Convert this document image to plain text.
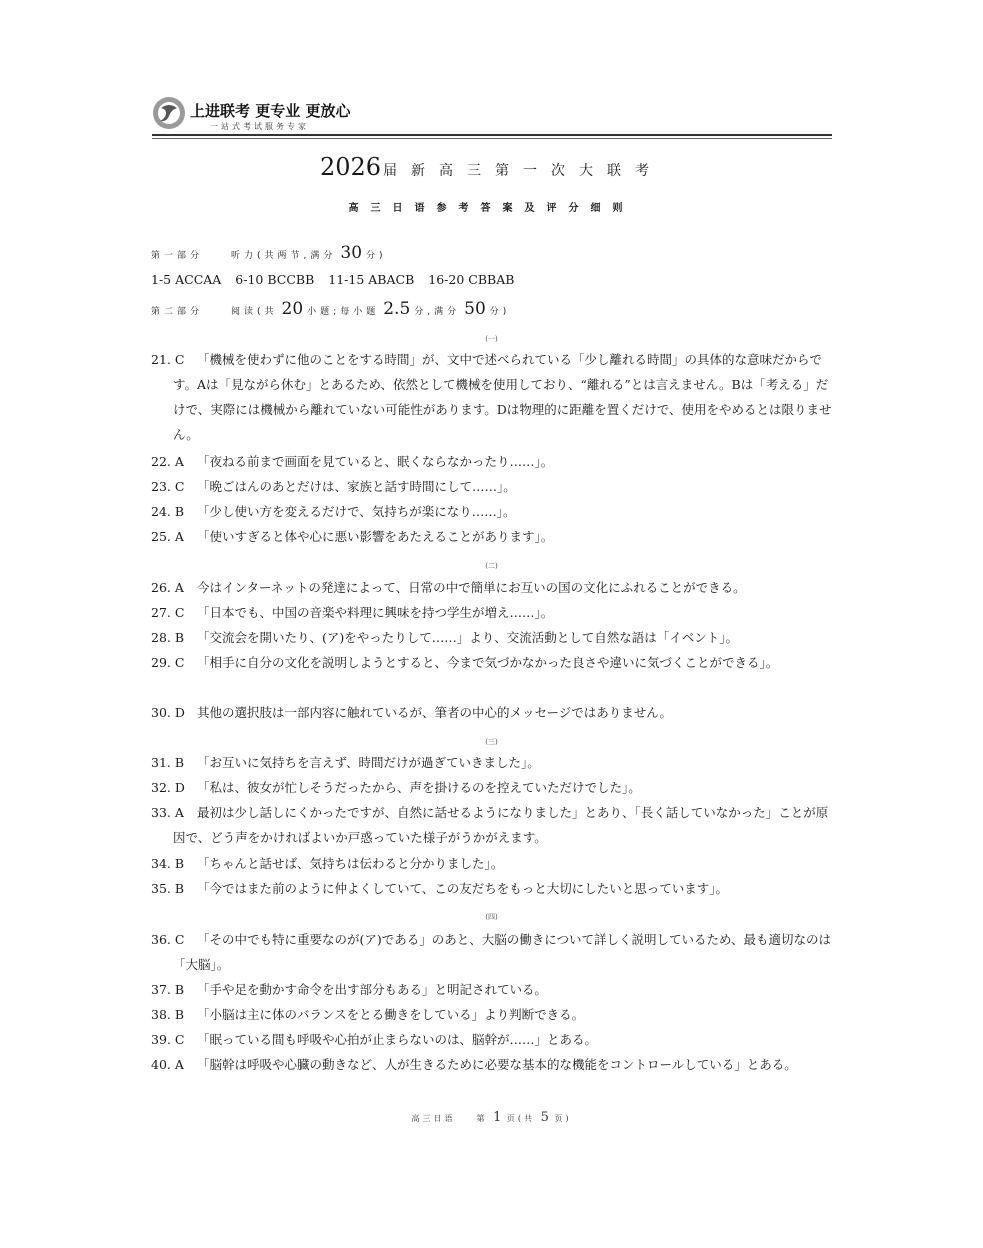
上进联考 更专业 更放心
一站式考试服务专家
2026 届新高三第一次大联考
高三日语参考答案及评分细则
第一部分	听力(共两节,满分 30 分)
1-5 ACCAA 6-10 BCCBB 11-15 ABACB 16-20 CBBAB
第二部分	阅读(共 20 小题;每小题 2.5 分,满分 50 分)
(一)
21. C	「機械を使わずに他のことをする時間」が、文中で述べられている「少し離れる時間」の具体的な意味だからです。Aは「見ながら休む」とあるため、依然として機械を使用しており、“離れる”とは言えません。Bは「考える」だけで、実際には機械から離れていない可能性があります。Dは物理的に距離を置くだけで、使用をやめるとは限りません。
22. A	「夜ねる前まで画面を見ていると、眠くならなかったり……」。
23. C	「晩ごはんのあとだけは、家族と話す時間にして……」。
24. B	「少し使い方を変えるだけで、気持ちが楽になり……」。
25. A	「使いすぎると体や心に悪い影響をあたえることがあります」。
(二)
26. A	今はインターネットの発達によって、日常の中で簡単にお互いの国の文化にふれることができる。
27. C	「日本でも、中国の音楽や料理に興味を持つ学生が増え……」。
28. B	「交流会を開いたり、(ア)をやったりして……」より、交流活動として自然な語は「イベント」。
29. C	「相手に自分の文化を説明しようとすると、今まで気づかなかった良さや違いに気づくことができる」。
30. D 其他の選択肢は一部内容に触れているが、筆者の中心的メッセージではありません。
(三)
31. B	「お互いに気持ちを言えず、時間だけが過ぎていきました」。
32. D 「私は、彼女が忙しそうだったから、声を掛けるのを控えていただけでした」。
33. A	最初は少し話しにくかったですが、自然に話せるようになりました」とあり、「長く話していなかった」ことが原因で、どう声をかければよいか戸惑っていた様子がうかがえます。
34. B	「ちゃんと話せば、気持ちは伝わると分かりました」。
35. B	「今ではまた前のように仲よくしていて、この友だちをもっと大切にしたいと思っています」。
(四)
36. C	「その中でも特に重要なのが(ア)である」のあと、大脳の働きについて詳しく説明しているため、最も適切なのは「大脳」。
37. B	「手や足を動かす命令を出す部分もある」と明記されている。
38. B	「小脳は主に体のバランスをとる働きをしている」より判断できる。
39. C	「眠っている間も呼吸や心拍が止まらないのは、脳幹が……」とある。
40. A	「脳幹は呼吸や心臓の動きなど、人が生きるために必要な基本的な機能をコントロールしている」とある。
高三日语	第 1 页(共 5 页)
